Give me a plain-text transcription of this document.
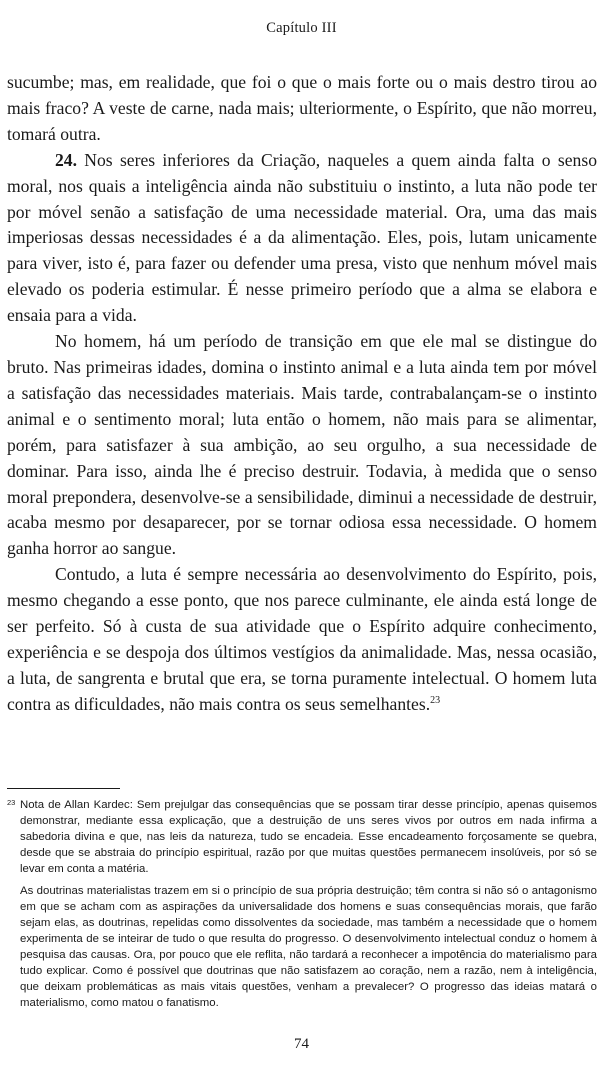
Capítulo III

sucumbe; mas, em realidade, que foi o que o mais forte ou o mais destro tirou ao mais fraco? A veste de carne, nada mais; ulteriormente, o Espírito, que não morreu, tomará outra.

24. Nos seres inferiores da Criação, naqueles a quem ainda falta o senso moral, nos quais a inteligência ainda não substituiu o instinto, a luta não pode ter por móvel senão a satisfação de uma necessidade material. Ora, uma das mais imperiosas dessas necessidades é a da alimentação. Eles, pois, lutam unicamente para viver, isto é, para fazer ou defender uma presa, visto que nenhum móvel mais elevado os poderia estimular. É nesse primeiro período que a alma se elabora e ensaia para a vida.

No homem, há um período de transição em que ele mal se distingue do bruto. Nas primeiras idades, domina o instinto animal e a luta ainda tem por móvel a satisfação das necessidades materiais. Mais tarde, contrabalançam-se o instinto animal e o sentimento moral; luta então o homem, não mais para se alimentar, porém, para satisfazer à sua ambição, ao seu orgulho, a sua necessidade de dominar. Para isso, ainda lhe é preciso destruir. Todavia, à medida que o senso moral prepondera, desenvolve-se a sensibilidade, diminui a necessidade de destruir, acaba mesmo por desaparecer, por se tornar odiosa essa necessidade. O homem ganha horror ao sangue.

Contudo, a luta é sempre necessária ao desenvolvimento do Espírito, pois, mesmo chegando a esse ponto, que nos parece culminante, ele ainda está longe de ser perfeito. Só à custa de sua atividade que o Espírito adquire conhecimento, experiência e se despoja dos últimos vestígios da animalidade. Mas, nessa ocasião, a luta, de sangrenta e brutal que era, se torna puramente intelectual. O homem luta contra as dificuldades, não mais contra os seus semelhantes.$^{23}$

23 Nota de Allan Kardec: Sem prejulgar das consequências que se possam tirar desse princípio, apenas quisemos demonstrar, mediante essa explicação, que a destruição de uns seres vivos por outros em nada infirma a sabedoria divina e que, nas leis da natureza, tudo se encadeia. Esse encadeamento forçosamente se quebra, desde que se abstraia do princípio espiritual, razão por que muitas questões permanecem insolúveis, por só se levar em conta a matéria.

As doutrinas materialistas trazem em si o princípio de sua própria destruição; têm contra si não só o antagonismo em que se acham com as aspirações da universalidade dos homens e suas consequências morais, que farão sejam elas, as doutrinas, repelidas como dissolventes da sociedade, mas também a necessidade que o homem experimenta de se inteirar de tudo o que resulta do progresso. O desenvolvimento intelectual conduz o homem à pesquisa das causas. Ora, por pouco que ele reflita, não tardará a reconhecer a impotência do materialismo para tudo explicar. Como é possível que doutrinas que não satisfazem ao coração, nem a razão, nem à inteligência, que deixam problemáticas as mais vitais questões, venham a prevalecer? O progresso das ideias matará o materialismo, como matou o fanatismo.

74
